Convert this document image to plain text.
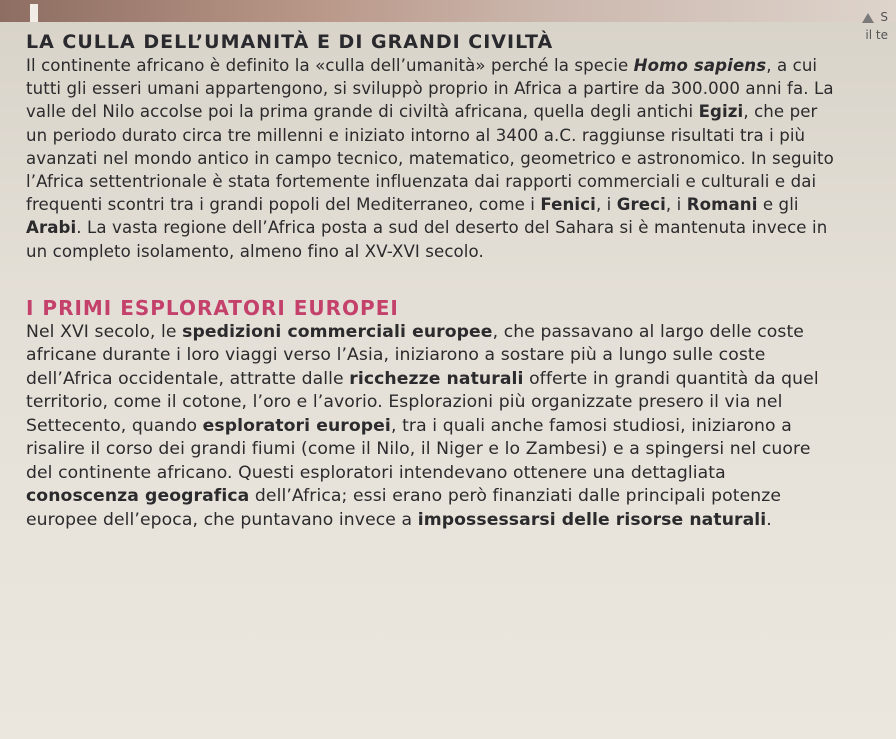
S
il te
LA CULLA DELL’UMANITÀ E DI GRANDI CIVILTÀ

Il continente africano è definito la «culla dell’umanità» perché la specie Homo sapiens, a cui tutti gli esseri umani appartengono, si sviluppò proprio in Africa a partire da 300.000 anni fa. La valle del Nilo accolse poi la prima grande di civiltà africana, quella degli antichi Egizi, che per un periodo durato circa tre millenni e iniziato intorno al 3400 a.C. raggiunse risultati tra i più avanzati nel mondo antico in campo tecnico, matematico, geometrico e astronomico. In seguito l’Africa settentrionale è stata fortemente influenzata dai rapporti commerciali e culturali e dai frequenti scontri tra i grandi popoli del Mediterraneo, come i Fenici, i Greci, i Romani e gli Arabi. La vasta regione dell’Africa posta a sud del deserto del Sahara si è mantenuta invece in un completo isolamento, almeno fino al XV-XVI secolo.

I PRIMI ESPLORATORI EUROPEI

Nel XVI secolo, le spedizioni commerciali europee, che passavano al largo delle coste africane durante i loro viaggi verso l’Asia, iniziarono a sostare più a lungo sulle coste dell’Africa occidentale, attratte dalle ricchezze naturali offerte in grandi quantità da quel territorio, come il cotone, l’oro e l’avorio. Esplorazioni più organizzate presero il via nel Settecento, quando esploratori europei, tra i quali anche famosi studiosi, iniziarono a risalire il corso dei grandi fiumi (come il Nilo, il Niger e lo Zambesi) e a spingersi nel cuore del continente africano. Questi esploratori intendevano ottenere una dettagliata conoscenza geografica dell’Africa; essi erano però finanziati dalle principali potenze europee dell’epoca, che puntavano invece a impossessarsi delle risorse naturali.
